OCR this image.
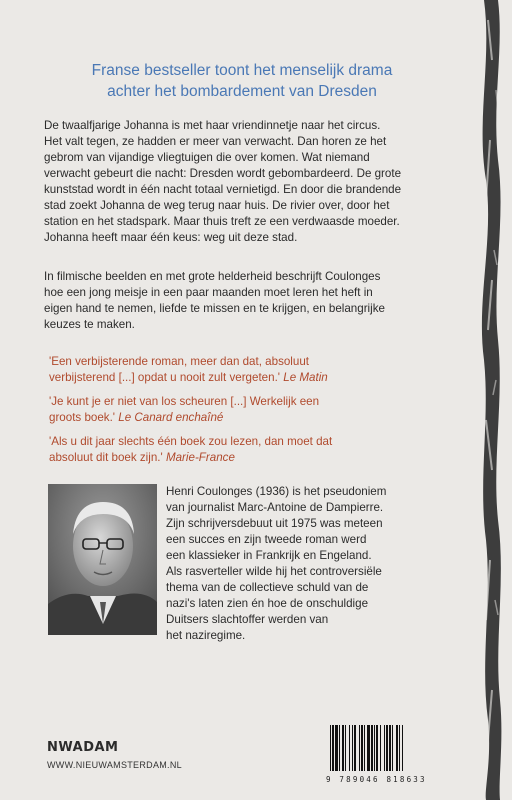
Franse bestseller toont het menselijk drama
achter het bombardement van Dresden
De twaalfjarige Johanna is met haar vriendinnetje naar het circus.
Het valt tegen, ze hadden er meer van verwacht. Dan horen ze het
gebrom van vijandige vliegtuigen die over komen. Wat niemand
verwacht gebeurt die nacht: Dresden wordt gebombardeerd. De grote
kunststad wordt in één nacht totaal vernietigd. En door die brandende
stad zoekt Johanna de weg terug naar huis. De rivier over, door het
station en het stadspark. Maar thuis treft ze een verdwaasde moeder.
Johanna heeft maar één keus: weg uit deze stad.
In filmische beelden en met grote helderheid beschrijft Coulonges
hoe een jong meisje in een paar maanden moet leren het heft in
eigen hand te nemen, liefde te missen en te krijgen, en belangrijke
keuzes te maken.
'Een verbijsterende roman, meer dan dat, absoluut
verbijsterend [...] opdat u nooit zult vergeten.' Le Matin
'Je kunt je er niet van los scheuren [...] Werkelijk een
groots boek.' Le Canard enchaîné
'Als u dit jaar slechts één boek zou lezen, dan moet dat
absoluut dit boek zijn.' Marie-France
Henri Coulonges (1936) is het pseudoniem
van journalist Marc-Antoine de Dampierre.
Zijn schrijversdebuut uit 1975 was meteen
een succes en zijn tweede roman werd
een klassieker in Frankrijk en Engeland.
Als rasverteller wilde hij het controversiële
thema van de collectieve schuld van de
nazi's laten zien én hoe de onschuldige
Duitsers slachtoffer werden van
het naziregime.
NWADAM
WWW.NIEUWAMSTERDAM.NL
9 789046 818633
